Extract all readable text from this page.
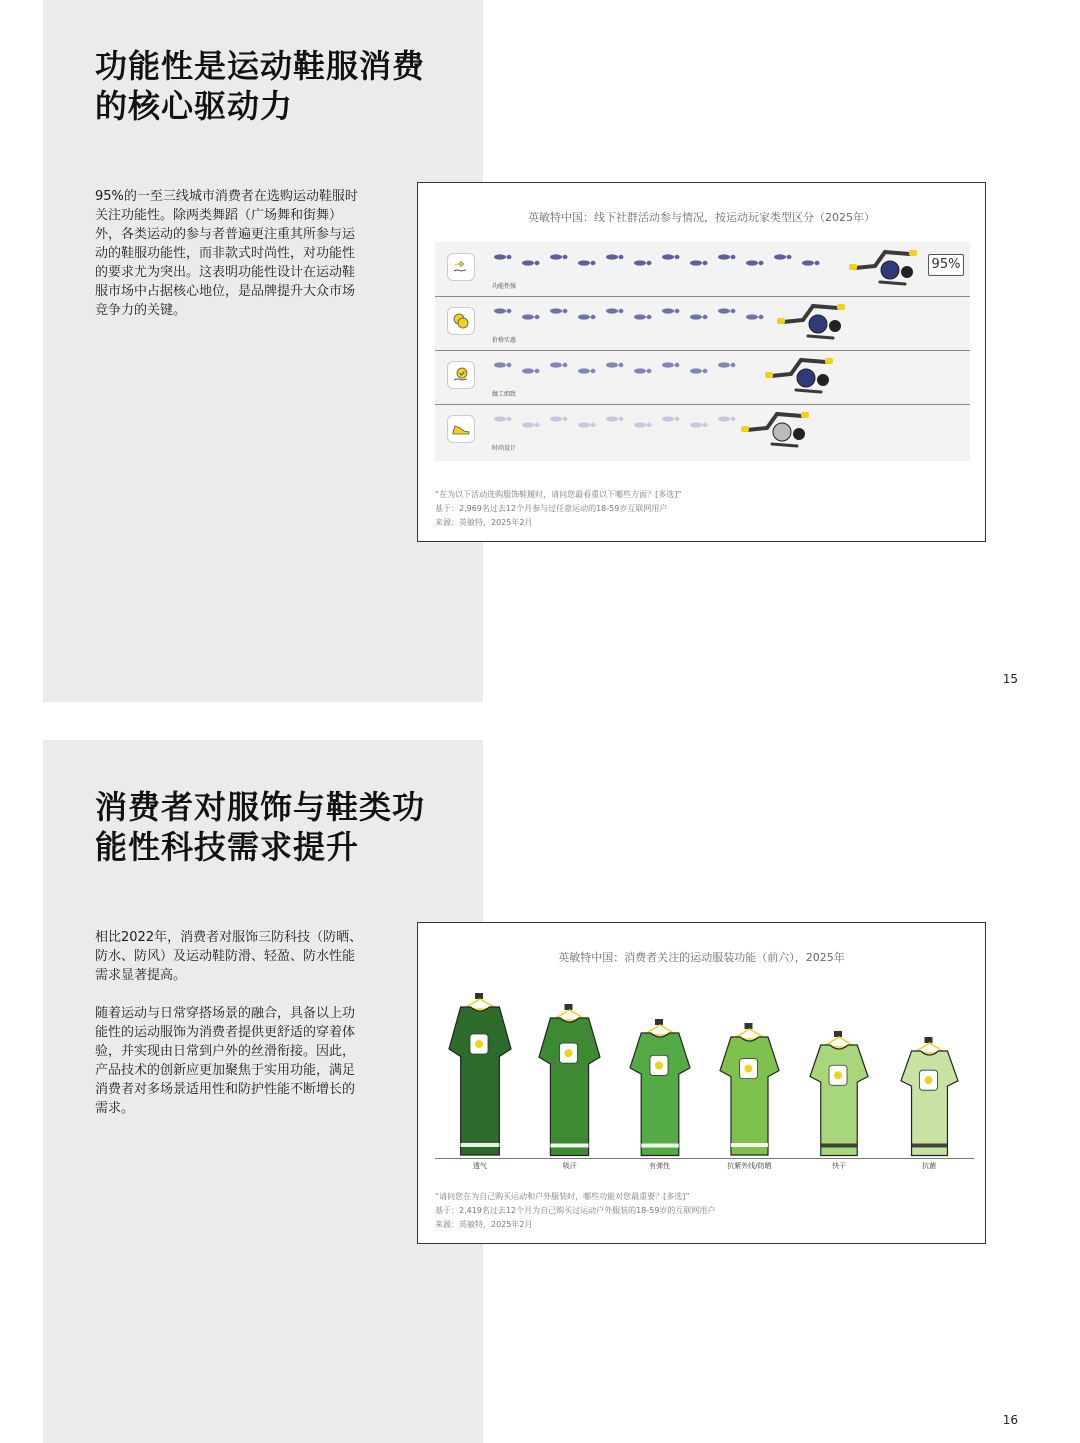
功能性是运动鞋服消费的核心驱动力

95%的一至三线城市消费者在选购运动鞋服时关注功能性。除两类舞蹈（广场舞和街舞）外，各类运动的参与者普遍更注重其所参与运动的鞋服功能性，而非款式时尚性，对功能性的要求尤为突出。这表明功能性设计在运动鞋服市场中占据核心地位，是品牌提升大众市场竞争力的关键。

英敏特中国：线下社群活动参与情况，按运动玩家类型区分（2025年）
功能性强
95%
价格实惠
做工细致
时尚设计
“在为以下活动选购服饰鞋履时，请问您最看重以下哪些方面？[多选]”
基于：2,969名过去12个月参与过任意运动的18-59岁互联网用户
来源：英敏特，2025年2月
15
消费者对服饰与鞋类功能性科技需求提升

相比2022年，消费者对服饰三防科技（防晒、防水、防风）及运动鞋防滑、轻盈、防水性能需求显著提高。

随着运动与日常穿搭场景的融合，具备以上功能性的运动服饰为消费者提供更舒适的穿着体验，并实现由日常到户外的丝滑衔接。因此，产品技术的创新应更加聚焦于实用功能，满足消费者对多场景适用性和防护性能不断增长的需求。

英敏特中国：消费者关注的运动服装功能（前六），2025年
透气	吸汗	有弹性	抗紫外线/防晒	快干	抗菌
“请问您在为自己购买运动和户外服装时，哪些功能对您最重要？[多选]”
基于：2,419名过去12个月为自己购买过运动户外服装的18-59岁的互联网用户
来源：英敏特，2025年2月
16
